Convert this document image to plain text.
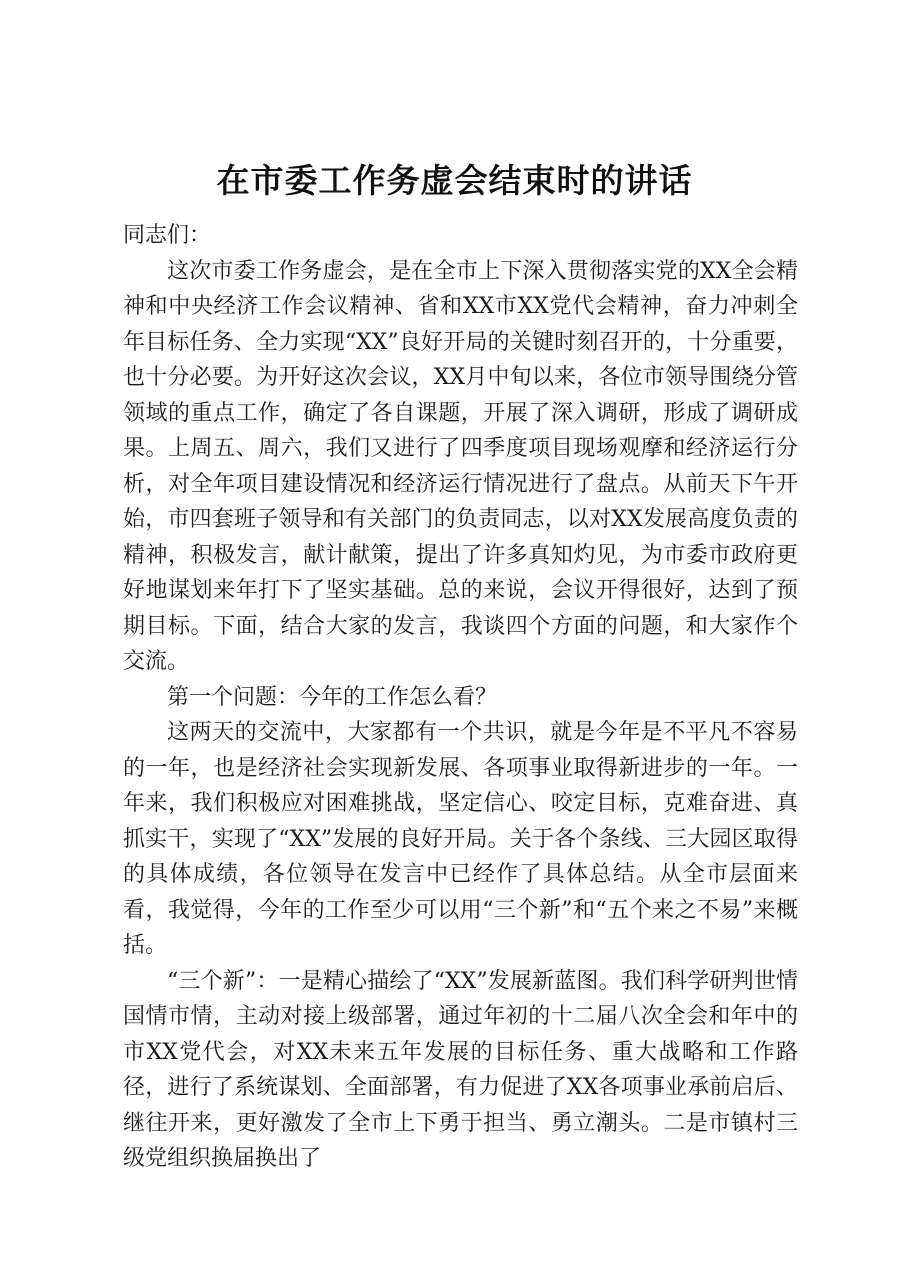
在市委工作务虚会结束时的讲话

同志们：

这次市委工作务虚会，是在全市上下深入贯彻落实党的XX全会精神和中央经济工作会议精神、省和XX市XX党代会精神，奋力冲刺全年目标任务、全力实现“XX”良好开局的关键时刻召开的，十分重要，也十分必要。为开好这次会议，XX月中旬以来，各位市领导围绕分管领域的重点工作，确定了各自课题，开展了深入调研，形成了调研成果。上周五、周六，我们又进行了四季度项目现场观摩和经济运行分析，对全年项目建设情况和经济运行情况进行了盘点。从前天下午开始，市四套班子领导和有关部门的负责同志，以对XX发展高度负责的精神，积极发言，献计献策，提出了许多真知灼见，为市委市政府更好地谋划来年打下了坚实基础。总的来说，会议开得很好，达到了预期目标。下面，结合大家的发言，我谈四个方面的问题，和大家作个交流。

第一个问题：今年的工作怎么看？

这两天的交流中，大家都有一个共识，就是今年是不平凡不容易的一年，也是经济社会实现新发展、各项事业取得新进步的一年。一年来，我们积极应对困难挑战，坚定信心、咬定目标，克难奋进、真抓实干，实现了“XX”发展的良好开局。关于各个条线、三大园区取得的具体成绩，各位领导在发言中已经作了具体总结。从全市层面来看，我觉得，今年的工作至少可以用“三个新”和“五个来之不易”来概括。

“三个新”：一是精心描绘了“XX”发展新蓝图。我们科学研判世情国情市情，主动对接上级部署，通过年初的十二届八次全会和年中的市XX党代会，对XX未来五年发展的目标任务、重大战略和工作路径，进行了系统谋划、全面部署，有力促进了XX各项事业承前启后、继往开来，更好激发了全市上下勇于担当、勇立潮头。二是市镇村三级党组织换届换出了
